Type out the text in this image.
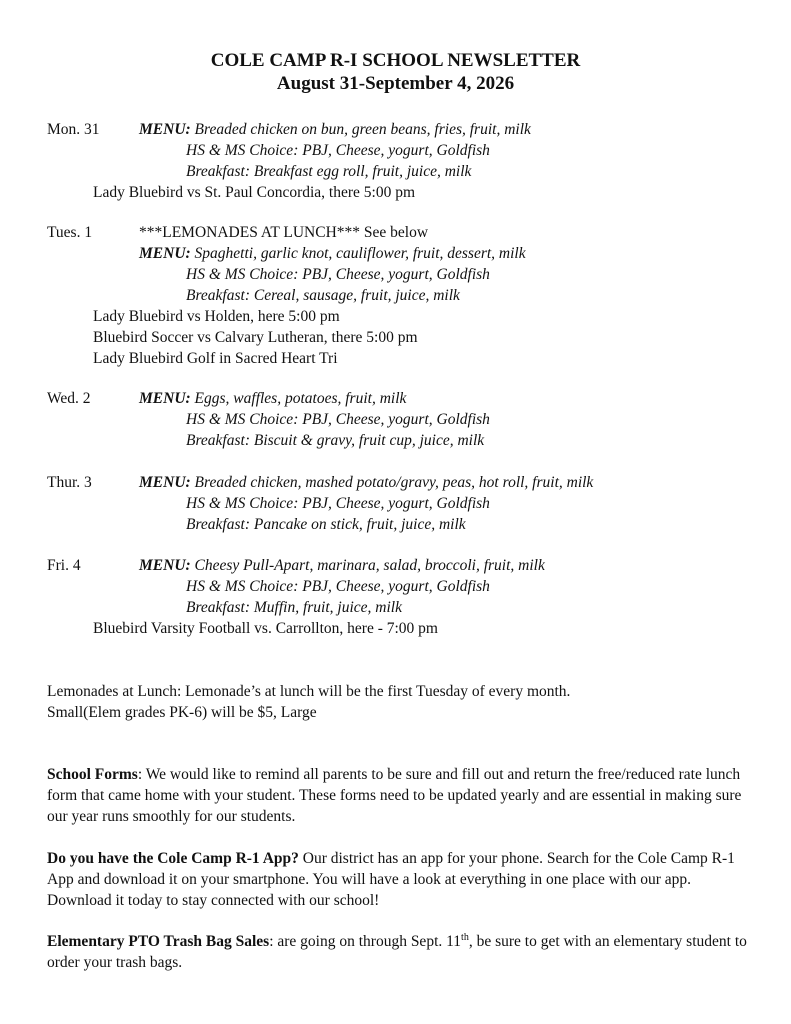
COLE CAMP R-I SCHOOL NEWSLETTER
August 31-September 4, 2026
Mon. 31	MENU: Breaded chicken on bun, green beans, fries, fruit, milk
HS & MS Choice: PBJ, Cheese, yogurt, Goldfish
Breakfast: Breakfast egg roll, fruit, juice, milk
Lady Bluebird vs St. Paul Concordia, there 5:00 pm
Tues. 1	***LEMONADES AT LUNCH*** See below
MENU: Spaghetti, garlic knot, cauliflower, fruit, dessert, milk
HS & MS Choice: PBJ, Cheese, yogurt, Goldfish
Breakfast: Cereal, sausage, fruit, juice, milk
Lady Bluebird vs Holden, here 5:00 pm
Bluebird Soccer vs Calvary Lutheran, there 5:00 pm
Lady Bluebird Golf in Sacred Heart Tri
Wed. 2	MENU: Eggs, waffles, potatoes, fruit, milk
HS & MS Choice: PBJ, Cheese, yogurt, Goldfish
Breakfast: Biscuit & gravy, fruit cup, juice, milk
Thur. 3	MENU: Breaded chicken, mashed potato/gravy, peas, hot roll, fruit, milk
HS & MS Choice: PBJ, Cheese, yogurt, Goldfish
Breakfast: Pancake on stick, fruit, juice, milk
Fri. 4	MENU: Cheesy Pull-Apart, marinara, salad, broccoli, fruit, milk
HS & MS Choice: PBJ, Cheese, yogurt, Goldfish
Breakfast: Muffin, fruit, juice, milk
Bluebird Varsity Football vs. Carrollton, here - 7:00 pm
Lemonades at Lunch: Lemonade’s at lunch will be the first Tuesday of every month.
Small(Elem grades PK-6) will be $5, Large
School Forms: We would like to remind all parents to be sure and fill out and return the free/reduced rate lunch form that came home with your student. These forms need to be updated yearly and are essential in making sure our year runs smoothly for our students.
Do you have the Cole Camp R-1 App? Our district has an app for your phone. Search for the Cole Camp R-1 App and download it on your smartphone. You will have a look at everything in one place with our app. Download it today to stay connected with our school!
Elementary PTO Trash Bag Sales: are going on through Sept. 11th, be sure to get with an elementary student to order your trash bags.
